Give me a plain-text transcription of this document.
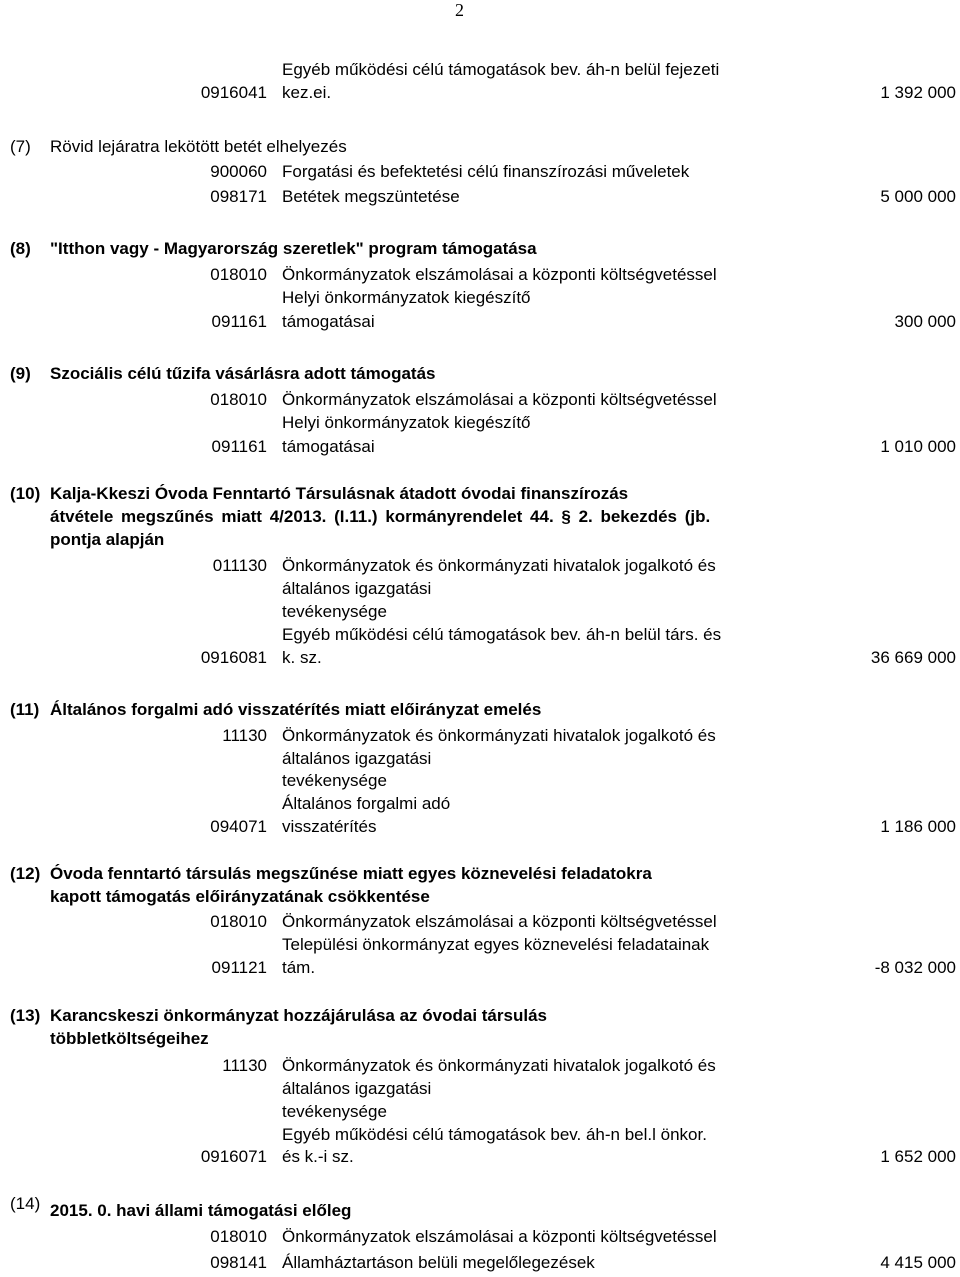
2
Egyéb működési célú támogatások bev. áh-n belül fejezeti
0916041 kez.ei.	1 392 000
(7) Rövid lejáratra lekötött betét elhelyezés
900060 Forgatási és befektetési célú finanszírozási műveletek
098171 Betétek megszüntetése	5 000 000
(8) "Itthon vagy - Magyarország szeretlek" program támogatása
018010 Önkormányzatok elszámolásai a központi költségvetéssel
Helyi önkormányzatok kiegészítő
091161 támogatásai	300 000
(9) Szociális célú tűzifa vásárlásra adott támogatás
018010 Önkormányzatok elszámolásai a központi költségvetéssel
Helyi önkormányzatok kiegészítő
091161 támogatásai	1 010 000
(10) Kalja-Kkeszi Óvoda Fenntartó Társulásnak átadott óvodai finanszírozás
átvétele megszűnés miatt 4/2013. (I.11.) kormányrendelet 44. § 2. bekezdés (jb.
pontja alapján
011130 Önkormányzatok és önkormányzati hivatalok jogalkotó és
általános igazgatási
tevékenysége
Egyéb működési célú támogatások bev. áh-n belül társ. és
0916081 k. sz.	36 669 000
(11) Általános forgalmi adó visszatérítés miatt előirányzat emelés
11130 Önkormányzatok és önkormányzati hivatalok jogalkotó és
általános igazgatási
tevékenysége
Általános forgalmi adó
094071 visszatérítés	1 186 000
(12) Óvoda fenntartó társulás megszűnése miatt egyes köznevelési feladatokra
kapott támogatás előirányzatának csökkentése
018010 Önkormányzatok elszámolásai a központi költségvetéssel
Települési önkormányzat egyes köznevelési feladatainak
091121 tám.	-8 032 000
(13) Karancskeszi önkormányzat hozzájárulása az óvodai társulás
többletköltségeihez
11130 Önkormányzatok és önkormányzati hivatalok jogalkotó és
általános igazgatási
tevékenysége
Egyéb működési célú támogatások bev. áh-n bel.l önkor.
0916071 és k.-i sz.	1 652 000
(14) 2015. 0. havi állami támogatási előleg
018010 Önkormányzatok elszámolásai a központi költségvetéssel
098141 Államháztartáson belüli megelőlegezések	4 415 000
